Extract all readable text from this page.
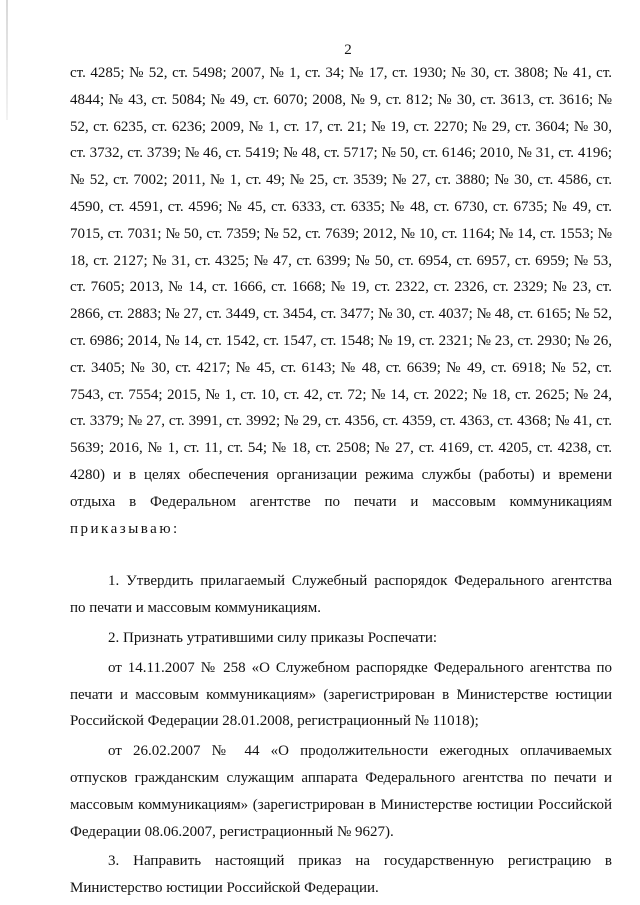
2

ст. 4285; № 52, ст. 5498; 2007, № 1, ст. 34; № 17, ст. 1930; № 30, ст. 3808; № 41, ст. 4844; № 43, ст. 5084; № 49, ст. 6070; 2008, № 9, ст. 812; № 30, ст. 3613, ст. 3616; № 52, ст. 6235, ст. 6236; 2009, № 1, ст. 17, ст. 21; № 19, ст. 2270; № 29, ст. 3604; № 30, ст. 3732, ст. 3739; № 46, ст. 5419; № 48, ст. 5717; № 50, ст. 6146; 2010, № 31, ст. 4196; № 52, ст. 7002; 2011, № 1, ст. 49; № 25, ст. 3539; № 27, ст. 3880; № 30, ст. 4586, ст. 4590, ст. 4591, ст. 4596; № 45, ст. 6333, ст. 6335; № 48, ст. 6730, ст. 6735; № 49, ст. 7015, ст. 7031; № 50, ст. 7359; № 52, ст. 7639; 2012, № 10, ст. 1164; № 14, ст. 1553; № 18, ст. 2127; № 31, ст. 4325; № 47, ст. 6399; № 50, ст. 6954, ст. 6957, ст. 6959; № 53, ст. 7605; 2013, № 14, ст. 1666, ст. 1668; № 19, ст. 2322, ст. 2326, ст. 2329; № 23, ст. 2866, ст. 2883; № 27, ст. 3449, ст. 3454, ст. 3477; № 30, ст. 4037; № 48, ст. 6165; № 52, ст. 6986; 2014, № 14, ст. 1542, ст. 1547, ст. 1548; № 19, ст. 2321; № 23, ст. 2930; № 26, ст. 3405; № 30, ст. 4217; № 45, ст. 6143; № 48, ст. 6639; № 49, ст. 6918; № 52, ст. 7543, ст. 7554; 2015, № 1, ст. 10, ст. 42, ст. 72; № 14, ст. 2022; № 18, ст. 2625; № 24, ст. 3379; № 27, ст. 3991, ст. 3992; № 29, ст. 4356, ст. 4359, ст. 4363, ст. 4368; № 41, ст. 5639; 2016, № 1, ст. 11, ст. 54; № 18, ст. 2508; № 27, ст. 4169, ст. 4205, ст. 4238, ст. 4280) и в целях обеспечения организации режима службы (работы) и времени отдыха в Федеральном агентстве по печати и массовым коммуникациям приказываю:

1. Утвердить прилагаемый Служебный распорядок Федерального агентства по печати и массовым коммуникациям.

2. Признать утратившими силу приказы Роспечати:

от 14.11.2007 № 258 «О Служебном распорядке Федерального агентства по печати и массовым коммуникациям» (зарегистрирован в Министерстве юстиции Российской Федерации 28.01.2008, регистрационный № 11018);

от 26.02.2007 № 44 «О продолжительности ежегодных оплачиваемых отпусков гражданским служащим аппарата Федерального агентства по печати и массовым коммуникациям» (зарегистрирован в Министерстве юстиции Российской Федерации 08.06.2007, регистрационный № 9627).

3. Направить настоящий приказ на государственную регистрацию в Министерство юстиции Российской Федерации.
